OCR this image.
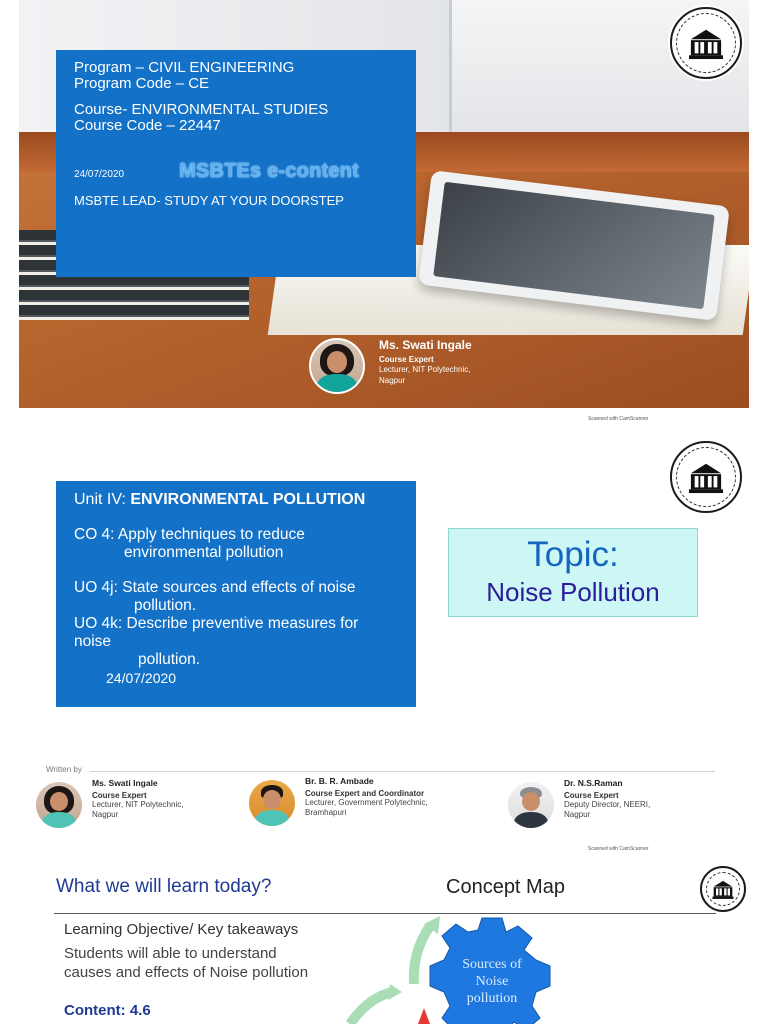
Program – CIVIL ENGINEERING
Program Code – CE
Course- ENVIRONMENTAL STUDIES
Course Code – 22447
24/07/2020	MSBTEs e-content
MSBTE LEAD- STUDY AT YOUR DOORSTEP
Ms. Swati Ingale
Course Expert
Lecturer, NIT Polytechnic,
Nagpur
Scanned with CamScanner
Unit IV: ENVIRONMENTAL POLLUTION
CO 4: Apply techniques to reduce
environmental pollution
UO 4j: State sources and effects of noise
pollution.
UO 4k: Describe preventive measures for
noise
pollution.
24/07/2020
Topic:
Noise Pollution
Written by
Ms. Swati Ingale
Course Expert
Lecturer, NIT Polytechnic,
Nagpur
Br. B. R. Ambade
Course Expert and Coordinator
Lecturer, Government Polytechnic,
Bramhapuri
Dr. N.S.Raman
Course Expert
Deputy Director, NEERI,
Nagpur
Scanned with CamScanner
What we will learn today?	Concept Map
Learning Objective/ Key takeaways
Students will able to understand
causes and effects of Noise pollution
Content: 4.6
Sources of
Noise
pollution
